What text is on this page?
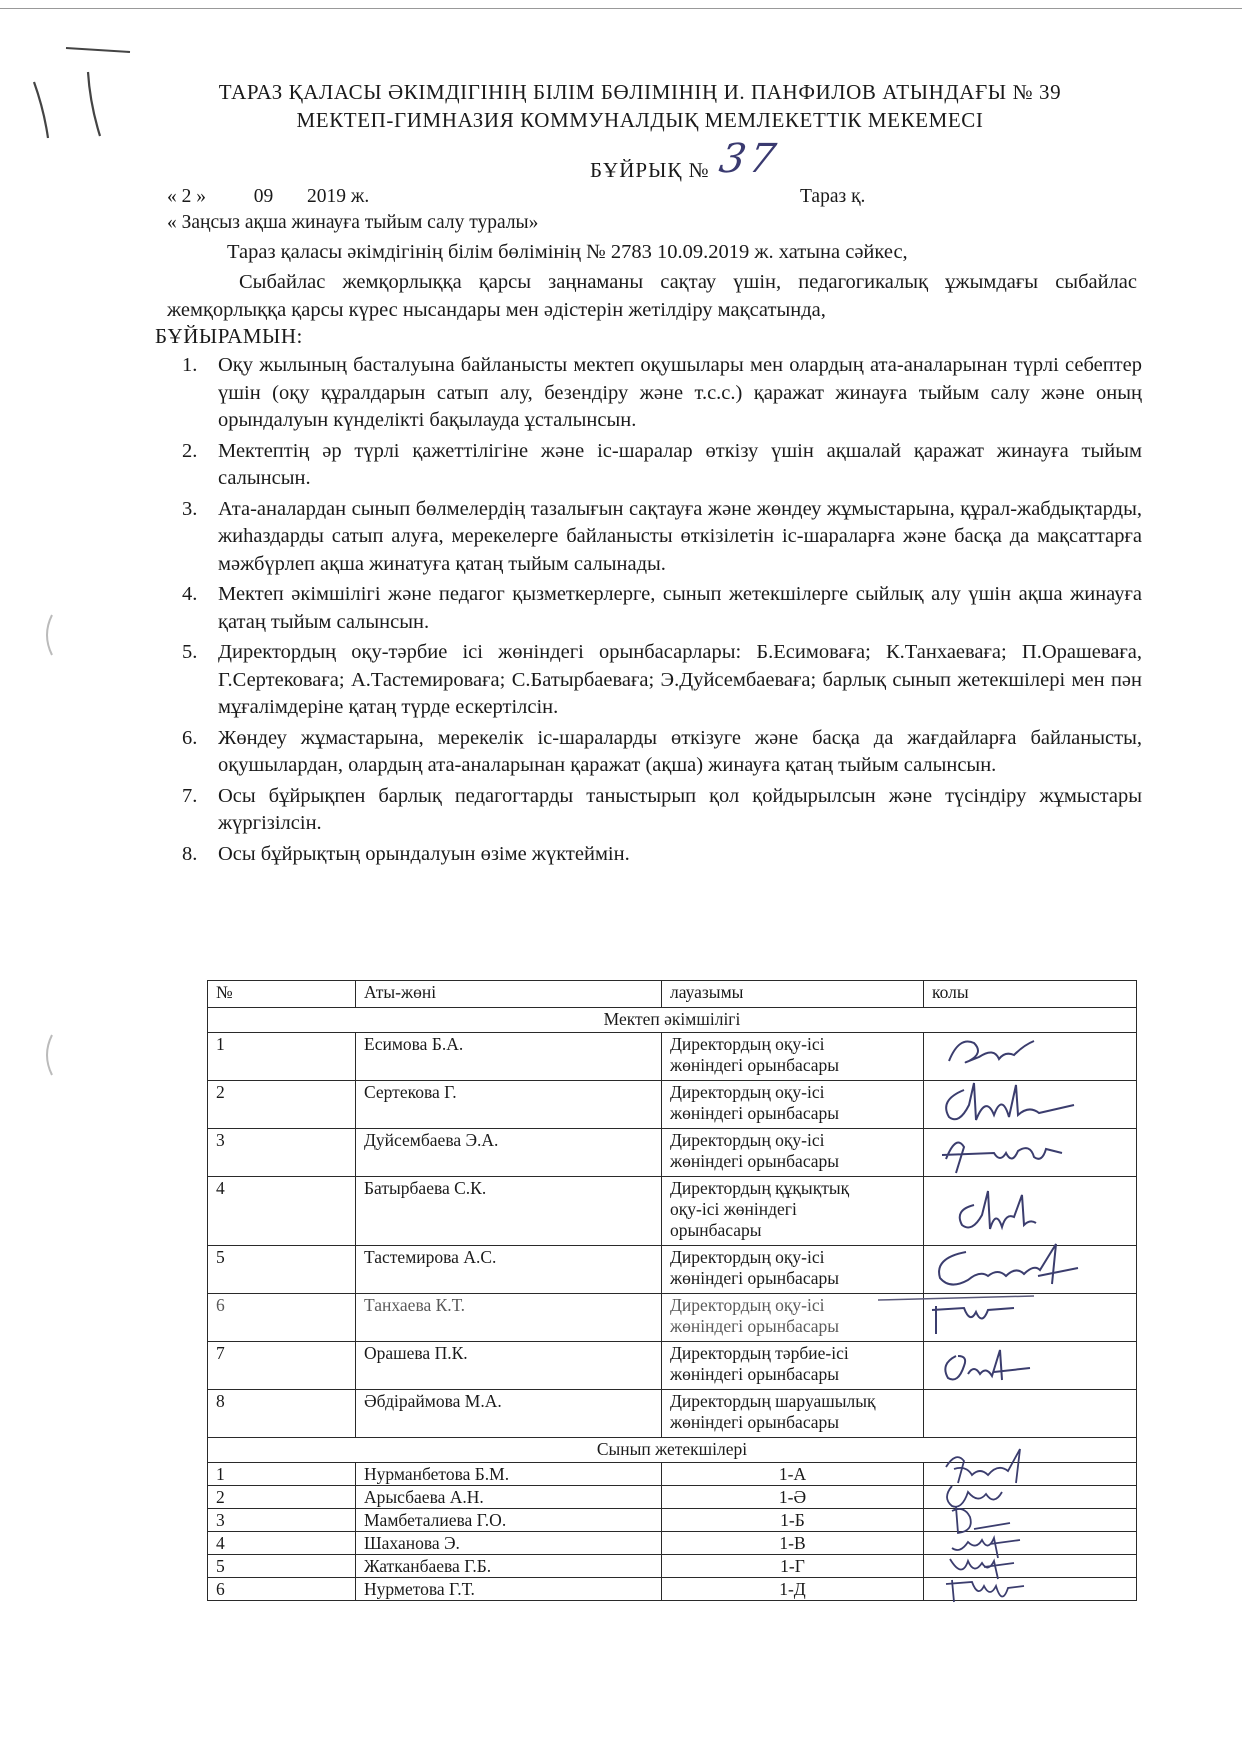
ТАРАЗ ҚАЛАСЫ ӘКІМДІГІНІҢ БІЛІМ БӨЛІМІНІҢ И. ПАНФИЛОВ АТЫНДАҒЫ № 39
МЕКТЕП-ГИМНАЗИЯ КОММУНАЛДЫҚ МЕМЛЕКЕТТІК МЕКЕМЕСІ
БҰЙРЫҚ № 37
« 2 » 09 2019 ж.	Тараз қ.
« Заңсыз ақша жинауға тыйым салу туралы»
Тараз қаласы әкімдігінің білім бөлімінің № 2783 10.09.2019 ж. хатына сәйкес,
Сыбайлас жемқорлыққа қарсы заңнаманы сақтау үшін, педагогикалық ұжымдағы сыбайлас жемқорлыққа қарсы күрес нысандары мен әдістерін жетілдіру мақсатында,
БҰЙЫРАМЫН:
1. Оқу жылының басталуына байланысты мектеп оқушылары мен олардың ата-аналарынан түрлі себептер үшін (оқу құралдарын сатып алу, безендіру және т.с.с.) қаражат жинауға тыйым салу және оның орындалуын күнделікті бақылауда ұсталынсын.
2. Мектептің әр түрлі қажеттілігіне және іс-шаралар өткізу үшін ақшалай қаражат жинауға тыйым салынсын.
3. Ата-аналардан сынып бөлмелердің тазалығын сақтауға және жөндеу жұмыстарына, құрал-жабдықтарды, жиһаздарды сатып алуға, мерекелерге байланысты өткізілетін іс-шараларға және басқа да мақсаттарға мәжбүрлеп ақша жинатуға қатаң тыйым салынады.
4. Мектеп әкімшілігі және педагог қызметкерлерге, сынып жетекшілерге сыйлық алу үшін ақша жинауға қатаң тыйым салынсын.
5. Директордың оқу-тәрбие ісі жөніндегі орынбасарлары: Б.Есимоваға; К.Танхаеваға; П.Орашеваға, Г.Сертековаға; А.Тастемироваға; С.Батырбаеваға; Э.Дуйсембаеваға; барлық сынып жетекшілері мен пән мұғалімдеріне қатаң түрде ескертілсін.
6. Жөндеу жұмастарына, мерекелік іс-шараларды өткізуге және басқа да жағдайларға байланысты, оқушылардан, олардың ата-аналарынан қаражат (ақша) жинауға қатаң тыйым салынсын.
7. Осы бұйрықпен барлық педагогтарды таныстырып қол қойдырылсын және түсіндіру жұмыстары жүргізілсін.
8. Осы бұйрықтың орындалуын өзіме жүктеймін.
№	Аты-жөні	лауазымы	колы
Мектеп әкімшілігі			
1	Есимова Б.А.	Директордың оқу-ісі
жөніндегі орынбасары

2	Сертекова Г.	Директордың оқу-ісі
жөніндегі орынбасары

3	Дуйсембаева Э.А.	Директордың оқу-ісі
жөніндегі орынбасары

4	Батырбаева С.К.	Директордың құқықтық
оқу-ісі жөніндегі
орынбасары

5	Тастемирова А.С.	Директордың оқу-ісі
жөніндегі орынбасары

6	Танхаева К.Т.	Директордың оқу-ісі
жөніндегі орынбасары

7	Орашева П.К.	Директордың тәрбие-ісі
жөніндегі орынбасары

8	Әбдiраймова М.А.	Директордың шаруашылық
жөніндегі орынбасары	

Сынып жетекшілері			
1	Нурманбетова Б.М.	1-А	

2	Арысбаева А.Н.	1-Ә	

3	Мамбеталиева Г.О.	1-Б	

4	Шаханова Э.	1-В	

5	Жатканбаева Г.Б.	1-Г	

6	Нурметова Г.Т.	1-Д	
